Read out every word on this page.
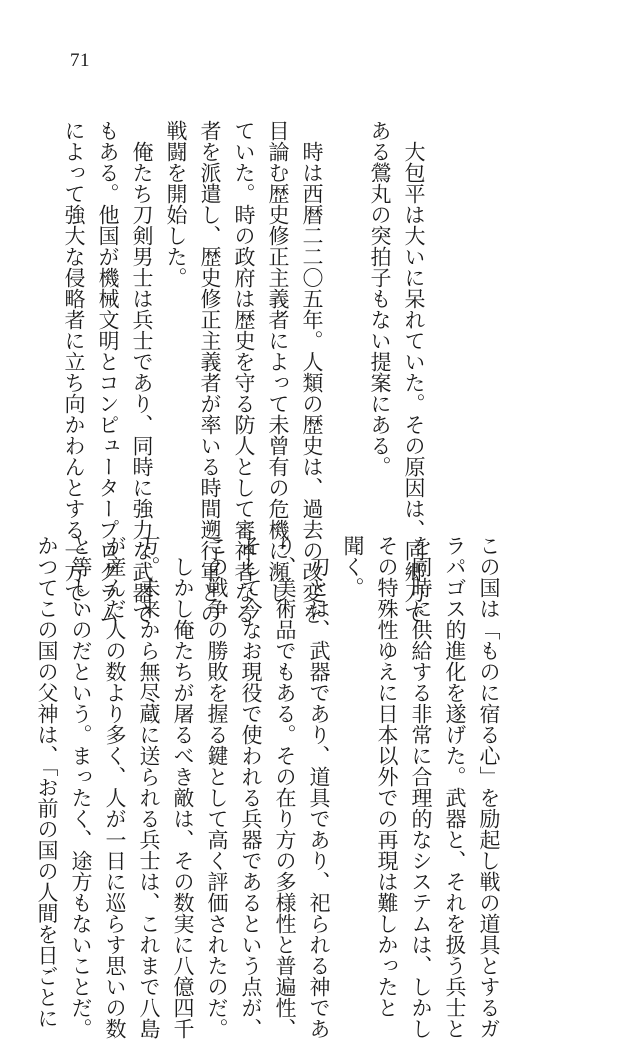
71
大包平は大いに呆れていた。その原因は、同郷刀で
ある鶯丸の突拍子もない提案にある。
時は西暦二二〇五年。人類の歴史は、過去の改変を
目論む歴史修正主義者によって未曾有の危機に瀕し
ていた。時の政府は歴史を守る防人として審神者なる
者を派遣し、歴史修正主義者が率いる時間遡行軍との
戦闘を開始した。
俺たち刀剣男士は兵士であり、同時に強力な武器で
もある。他国が機械文明とコンピュータープログラム
によって強大な侵略者に立ち向かわんとする一方で、
この国は「ものに宿る心」を励起し戦の道具とするガ
ラパゴス的進化を遂げた。武器と、それを扱う兵士と
を同時に供給する非常に合理的なシステムは、しかし
その特殊性ゆえに日本以外での再現は難しかったと
聞く。
刀とは、武器であり、道具であり、祀られる神であ
り、美術品でもある。その在り方の多様性と普遍性、
そして今なお現役で使われる兵器であるという点が、
この戦争の勝敗を握る鍵として高く評価されたのだ。
しかし俺たちが屠るべき敵は、その数実に八億四千
万。未来から無尽蔵に送られる兵士は、これまで八島
が産んだ人の数より多く、人が一日に巡らす思いの数
と等しいのだという。まったく、途方もないことだ。
かつてこの国の父神は、「お前の国の人間を日ごとに
